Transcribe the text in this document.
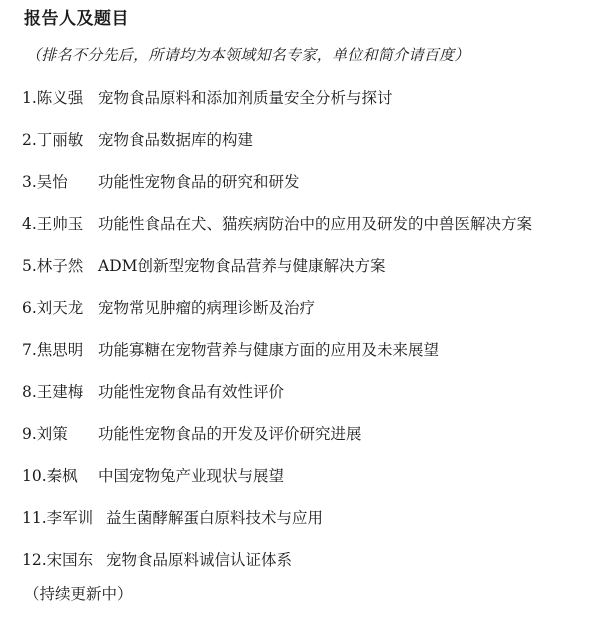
报告人及题目
（排名不分先后，所请均为本领域知名专家，单位和简介请百度）
1.陈义强 宠物食品原料和添加剂质量安全分析与探讨
2.丁丽敏 宠物食品数据库的构建
3.吴怡	功能性宠物食品的研究和研发
4.王帅玉 功能性食品在犬、猫疾病防治中的应用及研发的中兽医解决方案
5.林子然 ADM创新型宠物食品营养与健康解决方案
6.刘天龙 宠物常见肿瘤的病理诊断及治疗
7.焦思明 功能寡糖在宠物营养与健康方面的应用及未来展望
8.王建梅 功能性宠物食品有效性评价
9.刘策	功能性宠物食品的开发及评价研究进展
10.秦枫	中国宠物兔产业现状与展望
11.李军训 益生菌酵解蛋白原料技术与应用
12.宋国东 宠物食品原料诚信认证体系
（持续更新中）
